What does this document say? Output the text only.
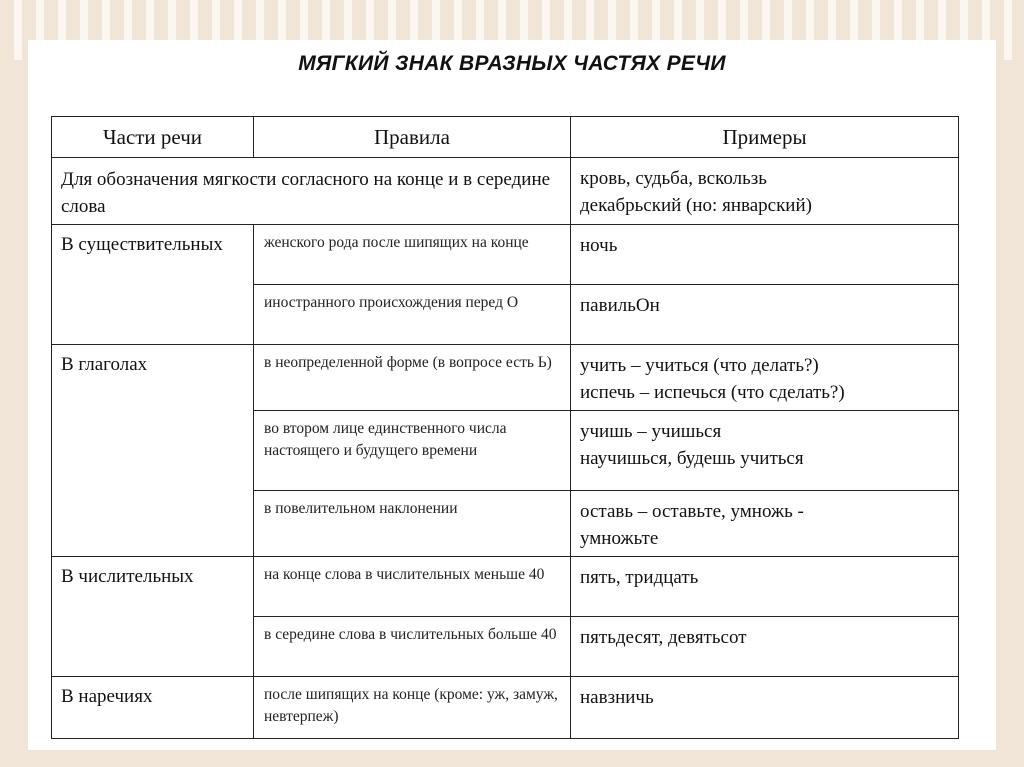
МЯГКИЙ ЗНАК ВРАЗНЫХ ЧАСТЯХ РЕЧИ
Части речи	Правила	Примеры
Для обозначения мягкости согласного на конце и в середине слова		кровь, судьба, вскользь
декабрьский (но: январский)

В существительных	женского рода после шипящих на конце	ночь

	иностранного происхождения перед О	павильОн

В глаголах	в неопределенной форме (в вопросе есть Ь)	учить – учиться (что делать?)
испечь – испечься (что сделать?)

	во втором лице единственного числа настоящего и будущего времени	учишь – учишься
научишься, будешь учиться

	в повелительном наклонении	оставь – оставьте, умножь -
умножьте

В числительных	на конце слова в числительных меньше 40	пять, тридцать

	в середине слова в числительных больше 40	пятьдесят, девятьсот

В наречиях	после шипящих на конце (кроме: уж, замуж, невтерпеж)	навзничь
